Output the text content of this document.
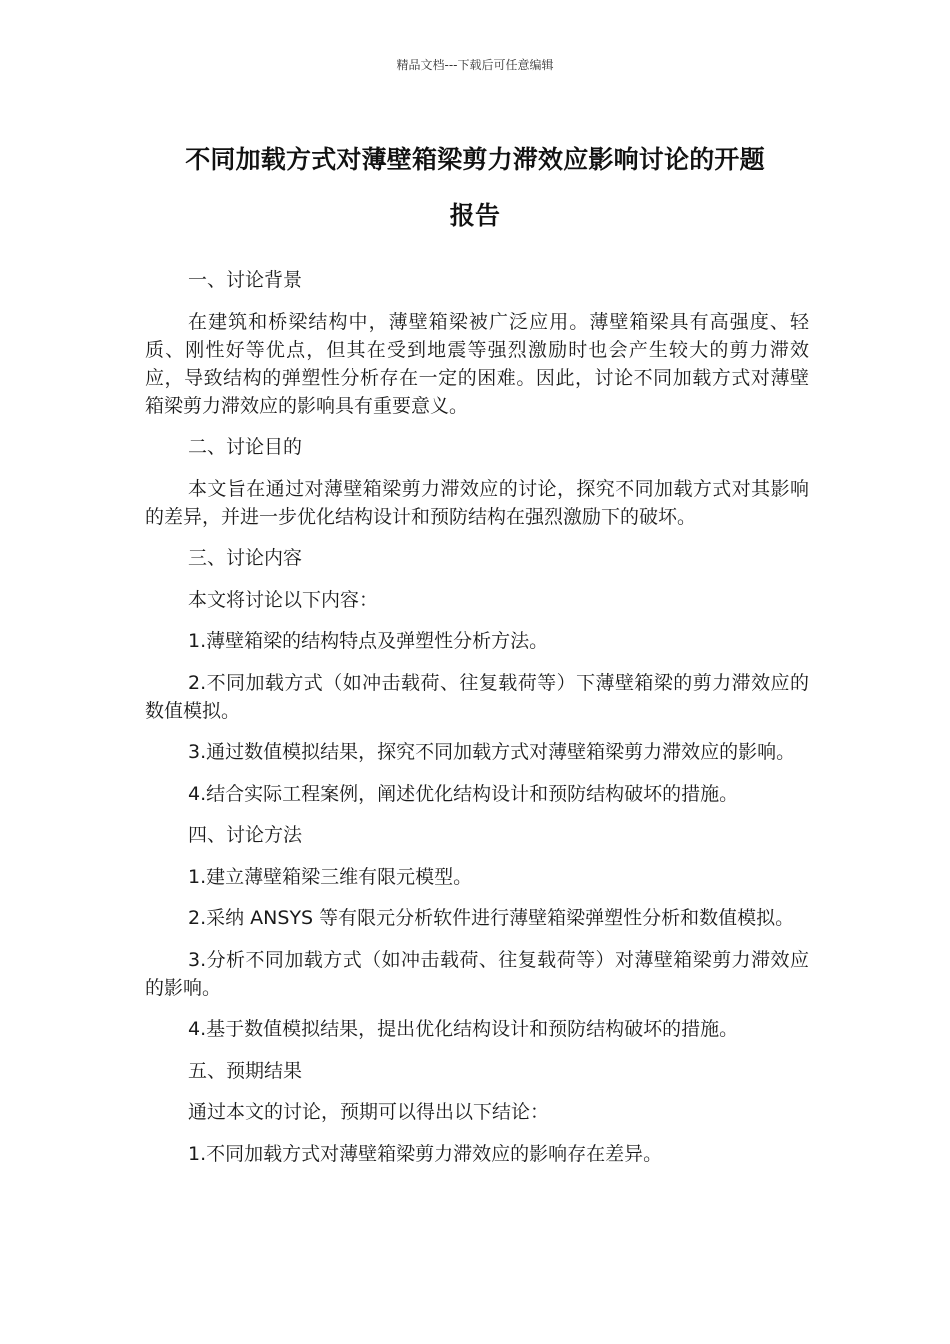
精品文档---下载后可任意编辑
不同加载方式对薄壁箱梁剪力滞效应影响讨论的开题
报告

一、讨论背景

在建筑和桥梁结构中，薄壁箱梁被广泛应用。薄壁箱梁具有高强度、轻质、刚性好等优点，但其在受到地震等强烈激励时也会产生较大的剪力滞效应，导致结构的弹塑性分析存在一定的困难。因此，讨论不同加载方式对薄壁箱梁剪力滞效应的影响具有重要意义。

二、讨论目的

本文旨在通过对薄壁箱梁剪力滞效应的讨论，探究不同加载方式对其影响的差异，并进一步优化结构设计和预防结构在强烈激励下的破坏。

三、讨论内容

本文将讨论以下内容：

1.薄壁箱梁的结构特点及弹塑性分析方法。

2.不同加载方式（如冲击载荷、往复载荷等）下薄壁箱梁的剪力滞效应的数值模拟。

3.通过数值模拟结果，探究不同加载方式对薄壁箱梁剪力滞效应的影响。

4.结合实际工程案例，阐述优化结构设计和预防结构破坏的措施。

四、讨论方法

1.建立薄壁箱梁三维有限元模型。

2.采纳 ANSYS 等有限元分析软件进行薄壁箱梁弹塑性分析和数值模拟。

3.分析不同加载方式（如冲击载荷、往复载荷等）对薄壁箱梁剪力滞效应的影响。

4.基于数值模拟结果，提出优化结构设计和预防结构破坏的措施。

五、预期结果

通过本文的讨论，预期可以得出以下结论：

1.不同加载方式对薄壁箱梁剪力滞效应的影响存在差异。
